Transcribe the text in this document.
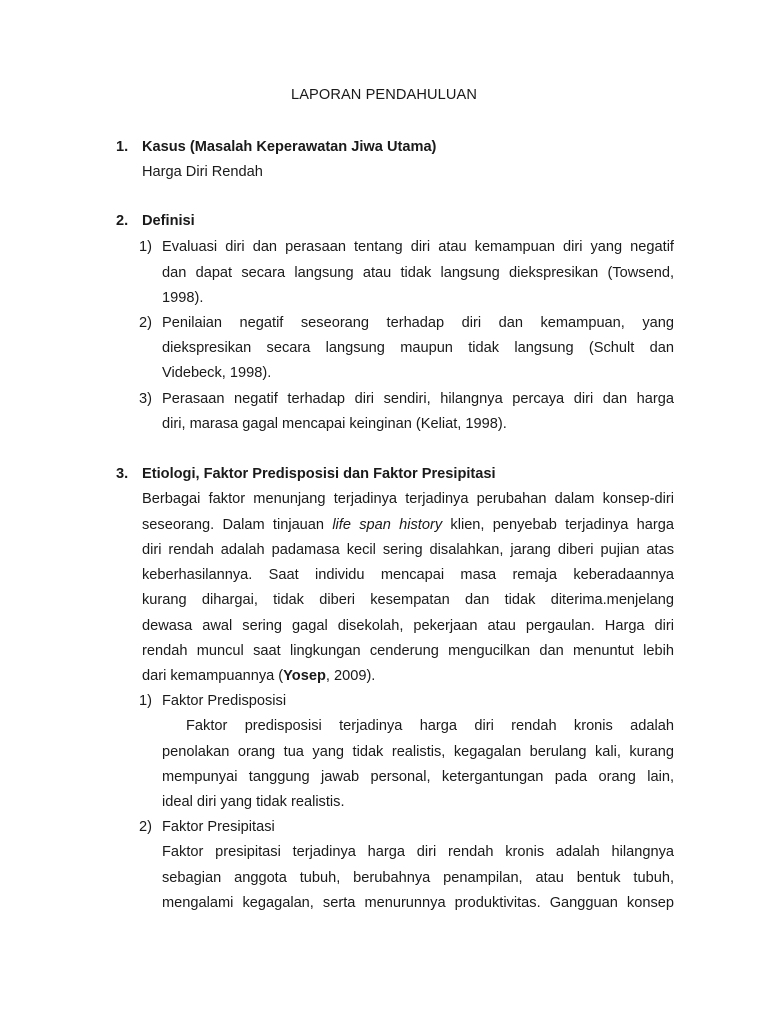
LAPORAN PENDAHULUAN
1. Kasus (Masalah Keperawatan Jiwa Utama)
Harga Diri Rendah
2. Definisi
1) Evaluasi diri dan perasaan tentang diri atau kemampuan diri yang negatif
dan dapat secara langsung atau tidak langsung diekspresikan (Towsend,
1998).
2) Penilaian negatif seseorang terhadap diri dan kemampuan, yang
diekspresikan secara langsung maupun tidak langsung (Schult dan
Videbeck, 1998).
3) Perasaan negatif terhadap diri sendiri, hilangnya percaya diri dan harga
diri, marasa gagal mencapai keinginan (Keliat, 1998).
3. Etiologi, Faktor Predisposisi dan Faktor Presipitasi
Berbagai faktor menunjang terjadinya terjadinya perubahan dalam konsep-diri
seseorang. Dalam tinjauan life span history klien, penyebab terjadinya harga
diri rendah adalah padamasa kecil sering disalahkan, jarang diberi pujian atas
keberhasilannya. Saat individu mencapai masa remaja keberadaannya
kurang dihargai, tidak diberi kesempatan dan tidak diterima.menjelang
dewasa awal sering gagal disekolah, pekerjaan atau pergaulan. Harga diri
rendah muncul saat lingkungan cenderung mengucilkan dan menuntut lebih
dari kemampuannya (Yosep, 2009).
1) Faktor Predisposisi
Faktor predisposisi terjadinya harga diri rendah kronis adalah
penolakan orang tua yang tidak realistis, kegagalan berulang kali, kurang
mempunyai tanggung jawab personal, ketergantungan pada orang lain,
ideal diri yang tidak realistis.
2) Faktor Presipitasi
Faktor presipitasi terjadinya harga diri rendah kronis adalah hilangnya
sebagian anggota tubuh, berubahnya penampilan, atau bentuk tubuh,
mengalami kegagalan, serta menurunnya produktivitas. Gangguan konsep
